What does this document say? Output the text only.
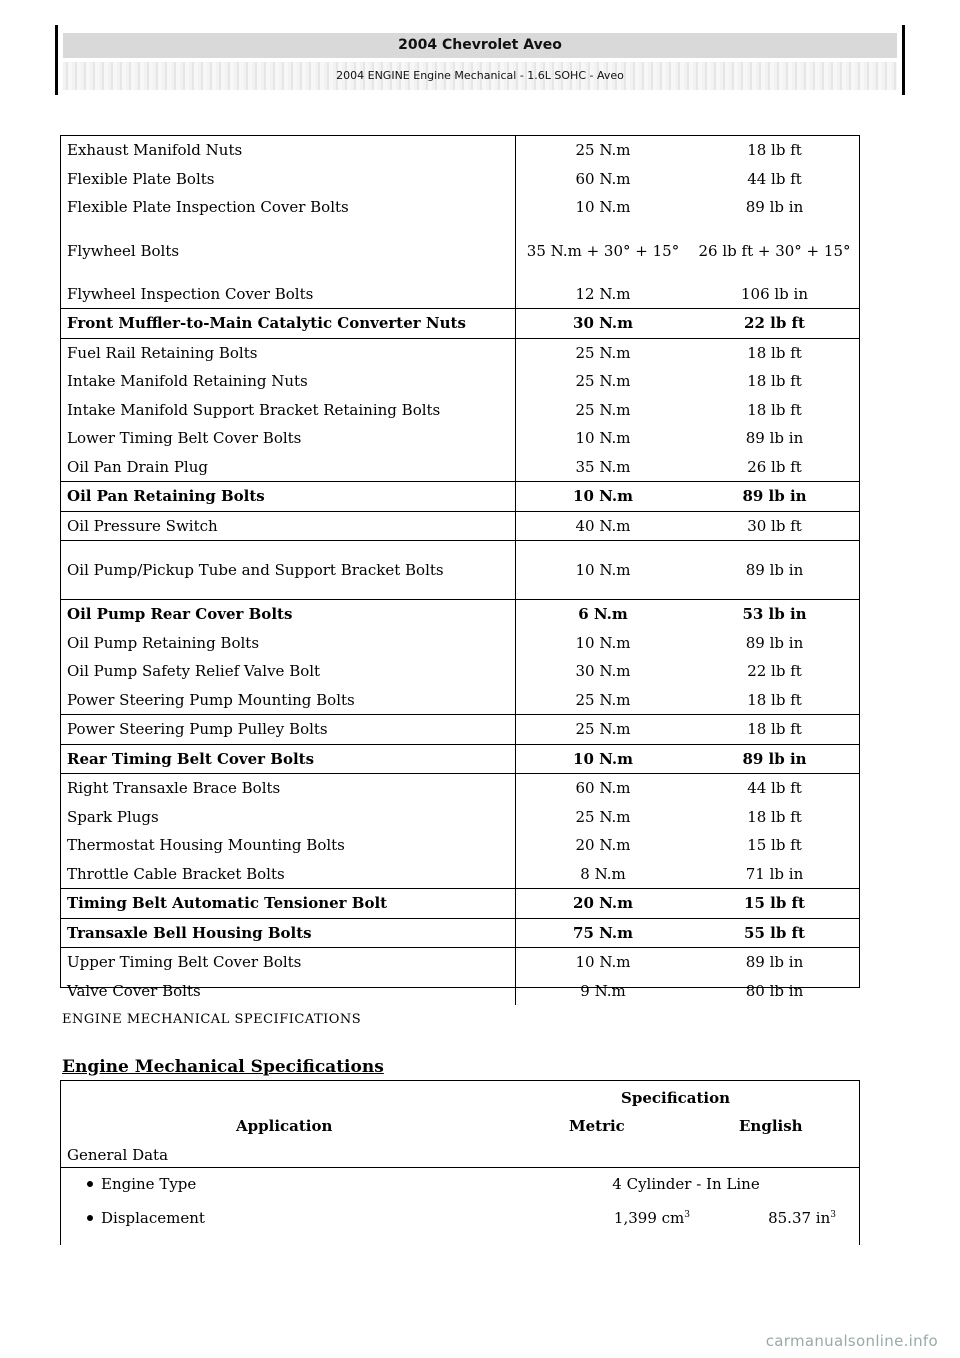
2004 Chevrolet Aveo
2004 ENGINE Engine Mechanical - 1.6L SOHC - Aveo
Exhaust Manifold Nuts	25 N.m	18 lb ft
Flexible Plate Bolts	60 N.m	44 lb ft
Flexible Plate Inspection Cover Bolts	10 N.m	89 lb in
Flywheel Bolts	35 N.m + 30° + 15°	26 lb ft + 30° + 15°
Flywheel Inspection Cover Bolts	12 N.m	106 lb in
Front Muffler-to-Main Catalytic Converter Nuts	30 N.m	22 lb ft
Fuel Rail Retaining Bolts	25 N.m	18 lb ft
Intake Manifold Retaining Nuts	25 N.m	18 lb ft
Intake Manifold Support Bracket Retaining Bolts	25 N.m	18 lb ft
Lower Timing Belt Cover Bolts	10 N.m	89 lb in
Oil Pan Drain Plug	35 N.m	26 lb ft
Oil Pan Retaining Bolts	10 N.m	89 lb in
Oil Pressure Switch	40 N.m	30 lb ft
Oil Pump/Pickup Tube and Support Bracket Bolts	10 N.m	89 lb in
Oil Pump Rear Cover Bolts	6 N.m	53 lb in
Oil Pump Retaining Bolts	10 N.m	89 lb in
Oil Pump Safety Relief Valve Bolt	30 N.m	22 lb ft
Power Steering Pump Mounting Bolts	25 N.m	18 lb ft
Power Steering Pump Pulley Bolts	25 N.m	18 lb ft
Rear Timing Belt Cover Bolts	10 N.m	89 lb in
Right Transaxle Brace Bolts	60 N.m	44 lb ft
Spark Plugs	25 N.m	18 lb ft
Thermostat Housing Mounting Bolts	20 N.m	15 lb ft
Throttle Cable Bracket Bolts	8 N.m	71 lb in
Timing Belt Automatic Tensioner Bolt	20 N.m	15 lb ft
Transaxle Bell Housing Bolts	75 N.m	55 lb ft
Upper Timing Belt Cover Bolts	10 N.m	89 lb in
Valve Cover Bolts	9 N.m	80 lb in
ENGINE MECHANICAL SPECIFICATIONS
Engine Mechanical Specifications
Specification
Application	Metric	English
General Data
Engine Type	4 Cylinder - In Line
Displacement	1,399 $cm^3$	85.37 $in^3$
carmanualsonline.info
